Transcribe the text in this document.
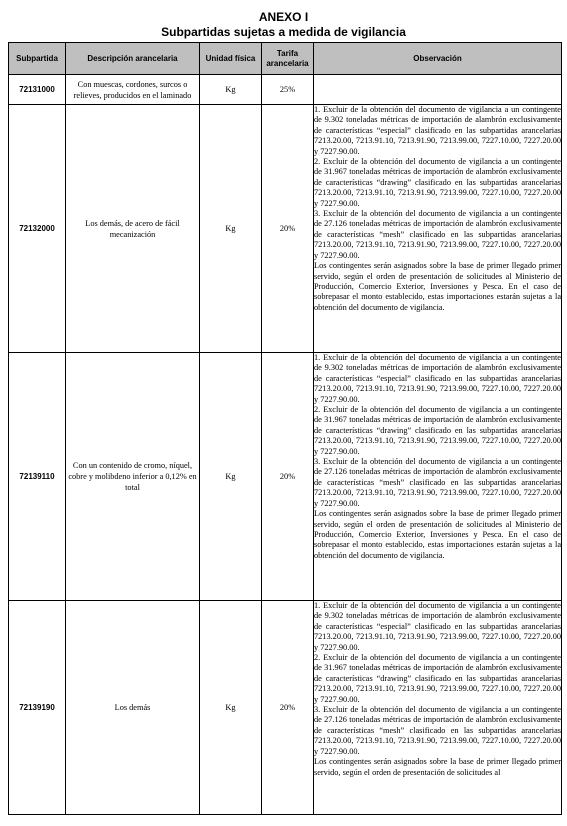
ANEXO I
Subpartidas sujetas a medida de vigilancia
Subpartida	Descripción arancelaria	Unidad física	Tarifa arancelaria	Observación
72131000	Con muescas, cordones, surcos o relieves, producidos en el laminado	Kg	25%	
72132000	Los demás, de acero de fácil mecanización	Kg	20%	1. Excluir de la obtención del documento de vigilancia a un contingente de 9.302 toneladas métricas de importación de alambrón exclusivamente de características “especial” clasificado en las subpartidas arancelarias 7213.20.00, 7213.91.10, 7213.91.90, 7213.99.00, 7227.10.00, 7227.20.00 y 7227.90.00.

2. Excluir de la obtención del documento de vigilancia a un contingente de 31.967 toneladas métricas de importación de alambrón exclusivamente de características “drawing” clasificado en las subpartidas arancelarias 7213.20.00, 7213.91.10, 7213.91.90, 7213.99.00, 7227.10.00, 7227.20.00 y 7227.90.00.

3. Excluir de la obtención del documento de vigilancia a un contingente de 27.126 toneladas métricas de importación de alambrón exclusivamente de características “mesh” clasificado en las subpartidas arancelarias 7213.20.00, 7213.91.10, 7213.91.90, 7213.99.00, 7227.10.00, 7227.20.00 y 7227.90.00.

Los contingentes serán asignados sobre la base de primer llegado primer servido, según el orden de presentación de solicitudes al Ministerio de Producción, Comercio Exterior, Inversiones y Pesca. En el caso de sobrepasar el monto establecido, estas importaciones estarán sujetas a la obtención del documento de vigilancia.

72139110	Con un contenido de cromo, níquel, cobre y molibdeno inferior a 0,12% en total	Kg	20%	1. Excluir de la obtención del documento de vigilancia a un contingente de 9.302 toneladas métricas de importación de alambrón exclusivamente de características “especial” clasificado en las subpartidas arancelarias 7213.20.00, 7213.91.10, 7213.91.90, 7213.99.00, 7227.10.00, 7227.20.00 y 7227.90.00.

2. Excluir de la obtención del documento de vigilancia a un contingente de 31.967 toneladas métricas de importación de alambrón exclusivamente de características “drawing” clasificado en las subpartidas arancelarias 7213.20.00, 7213.91.10, 7213.91.90, 7213.99.00, 7227.10.00, 7227.20.00 y 7227.90.00.

3. Excluir de la obtención del documento de vigilancia a un contingente de 27.126 toneladas métricas de importación de alambrón exclusivamente de características “mesh” clasificado en las subpartidas arancelarias 7213.20.00, 7213.91.10, 7213.91.90, 7213.99.00, 7227.10.00, 7227.20.00 y 7227.90.00.

Los contingentes serán asignados sobre la base de primer llegado primer servido, según el orden de presentación de solicitudes al Ministerio de Producción, Comercio Exterior, Inversiones y Pesca. En el caso de sobrepasar el monto establecido, estas importaciones estarán sujetas a la obtención del documento de vigilancia.

72139190	Los demás	Kg	20%	1. Excluir de la obtención del documento de vigilancia a un contingente de 9.302 toneladas métricas de importación de alambrón exclusivamente de características “especial” clasificado en las subpartidas arancelarias 7213.20.00, 7213.91.10, 7213.91.90, 7213.99.00, 7227.10.00, 7227.20.00 y 7227.90.00.

2. Excluir de la obtención del documento de vigilancia a un contingente de 31.967 toneladas métricas de importación de alambrón exclusivamente de características “drawing” clasificado en las subpartidas arancelarias 7213.20.00, 7213.91.10, 7213.91.90, 7213.99.00, 7227.10.00, 7227.20.00 y 7227.90.00.

3. Excluir de la obtención del documento de vigilancia a un contingente de 27.126 toneladas métricas de importación de alambrón exclusivamente de características “mesh” clasificado en las subpartidas arancelarias 7213.20.00, 7213.91.10, 7213.91.90, 7213.99.00, 7227.10.00, 7227.20.00 y 7227.90.00.

Los contingentes serán asignados sobre la base de primer llegado primer servido, según el orden de presentación de solicitudes al
